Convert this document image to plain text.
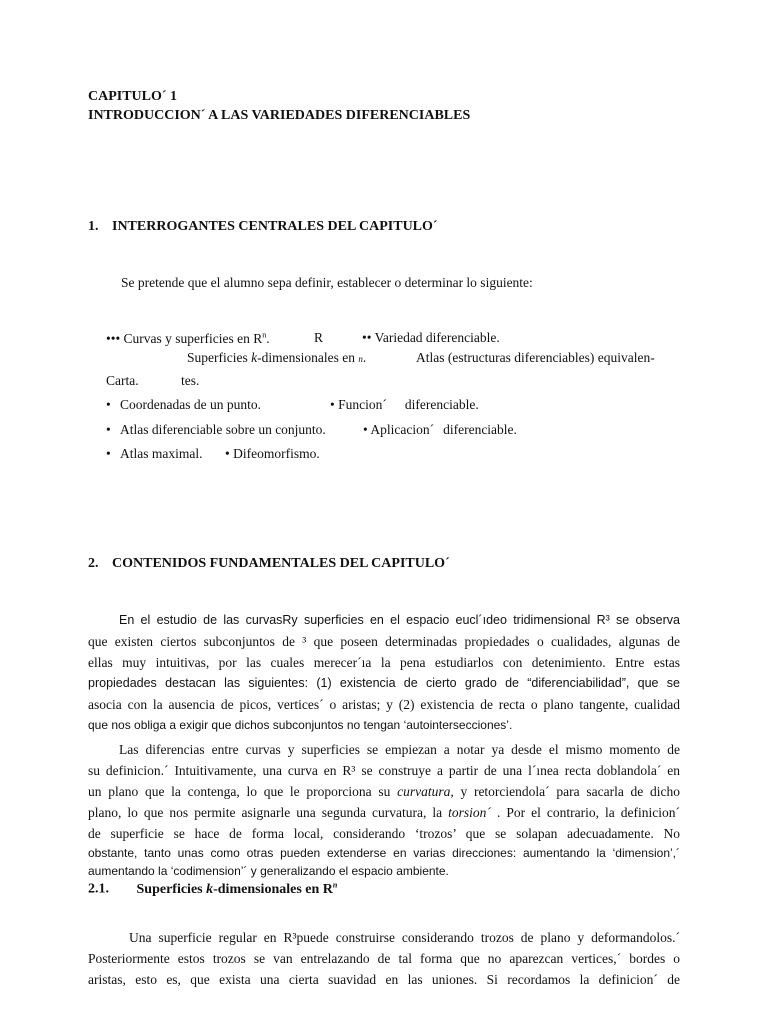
CAPITULO´ 1
INTRODUCCION´ A LAS VARIEDADES DIFERENCIABLES
1. INTERROGANTES CENTRALES DEL CAPITULO´
Se pretende que el alumno sepa definir, establecer o determinar lo siguiente:
••• Curvas y superficies en $R^n$.	R	•• Variedad diferenciable.
Superficies k-dimensionales en n.	Atlas (estructuras diferenciables) equivalen-
Carta.	tes.
• Coordenadas de un punto.	• Funcion´ diferenciable.
• Atlas diferenciable sobre un conjunto.	• Aplicacion´ diferenciable.
• Atlas maximal. • Difeomorfismo.
2. CONTENIDOS FUNDAMENTALES DEL CAPITULO´
En el estudio de las curvasRy superficies en el espacio eucl´ıdeo tridimensional R³ se observa
que existen ciertos subconjuntos de ³ que poseen determinadas propiedades o cualidades, algunas de
ellas muy intuitivas, por las cuales merecer´ıa la pena estudiarlos con detenimiento. Entre estas
propiedades destacan las siguientes: (1) existencia de cierto grado de “diferenciabilidad”, que se
asocia con la ausencia de picos, vertices´ o aristas; y (2) existencia de recta o plano tangente, cualidad
que nos obliga a exigir que dichos subconjuntos no tengan ‘autointersecciones’.
Las diferencias entre curvas y superficies se empiezan a notar ya desde el mismo momento de
su definicion.´ Intuitivamente, una curva en R³ se construye a partir de una l´ınea recta doblandola´ en
un plano que la contenga, lo que le proporciona su curvatura, y retorciendola´ para sacarla de dicho
plano, lo que nos permite asignarle una segunda curvatura, la torsion´ . Por el contrario, la definicion´
de superficie se hace de forma local, considerando ‘trozos’ que se solapan adecuadamente. No
obstante, tanto unas como otras pueden extenderse en varias direcciones: aumentando la ‘dimension’,´
aumentando la ‘codimension’´ y generalizando el espacio ambiente.
2.1. Superficies k-dimensionales en $R^n$
Una superficie regular en R³puede construirse considerando trozos de plano y deformandolos.´
Posteriormente estos trozos se van entrelazando de tal forma que no aparezcan vertices,´ bordes o
aristas, esto es, que exista una cierta suavidad en las uniones. Si recordamos la definicion´ de
